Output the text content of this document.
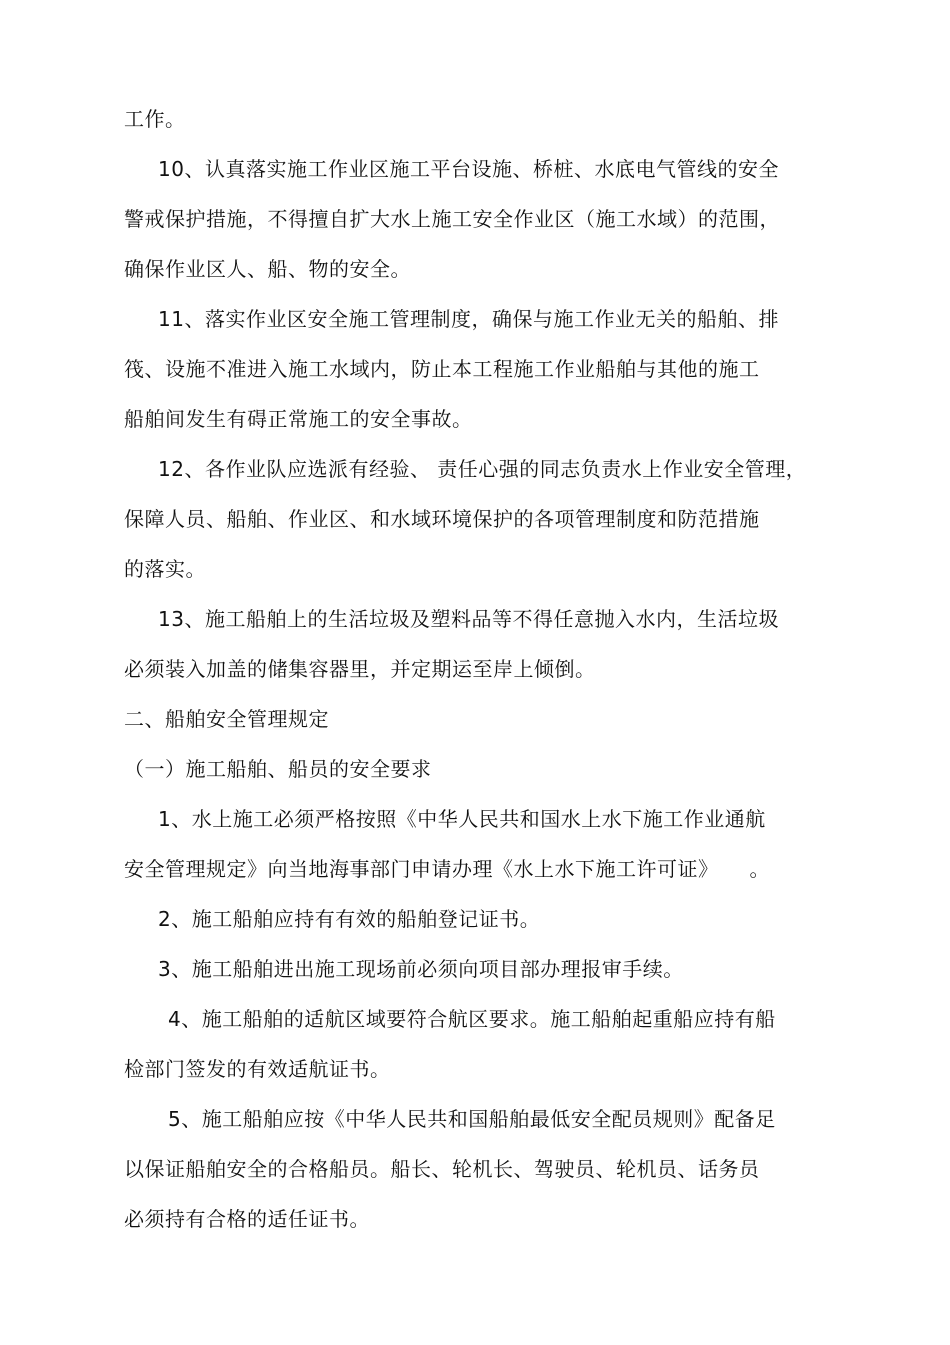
工作。
10、认真落实施工作业区施工平台设施、桥桩、水底电气管线的安全
警戒保护措施，不得擅自扩大水上施工安全作业区（施工水域）的范围，
确保作业区人、船、物的安全。
11、落实作业区安全施工管理制度，确保与施工作业无关的船舶、排
筏、设施不准进入施工水域内，防止本工程施工作业船舶与其他的施工
船舶间发生有碍正常施工的安全事故。
12、各作业队应选派有经验、 责任心强的同志负责水上作业安全管理，
保障人员、船舶、作业区、和水域环境保护的各项管理制度和防范措施
的落实。
13、施工船舶上的生活垃圾及塑料品等不得任意抛入水内，生活垃圾
必须装入加盖的储集容器里，并定期运至岸上倾倒。
二、船舶安全管理规定
（一）施工船舶、船员的安全要求
1、水上施工必须严格按照《中华人民共和国水上水下施工作业通航
安全管理规定》向当地海事部门申请办理《水上水下施工许可证》　　。
2、施工船舶应持有有效的船舶登记证书。
3、施工船舶进出施工现场前必须向项目部办理报审手续。
4、施工船舶的适航区域要符合航区要求。施工船舶起重船应持有船
检部门签发的有效适航证书。
5、施工船舶应按《中华人民共和国船舶最低安全配员规则》配备足
以保证船舶安全的合格船员。船长、轮机长、驾驶员、轮机员、话务员
必须持有合格的适任证书。
